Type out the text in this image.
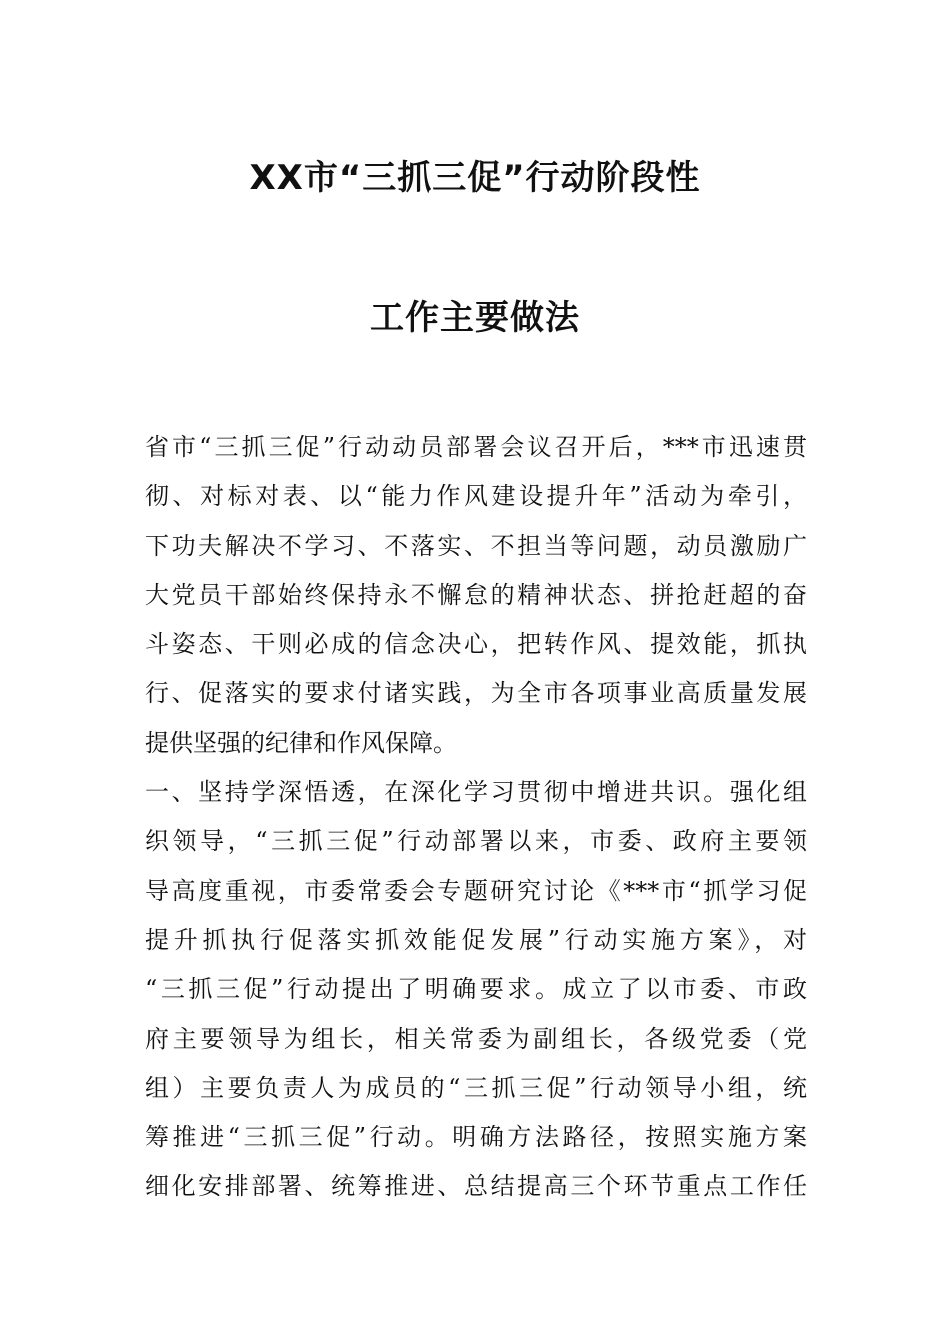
XX市“三抓三促”行动阶段性
工作主要做法
省市“三抓三促”行动动员部署会议召开后，***市迅速贯
彻、对标对表、以“能力作风建设提升年”活动为牵引，
下功夫解决不学习、不落实、不担当等问题，动员激励广
大党员干部始终保持永不懈怠的精神状态、拼抢赶超的奋
斗姿态、干则必成的信念决心，把转作风、提效能，抓执
行、促落实的要求付诸实践，为全市各项事业高质量发展
提供坚强的纪律和作风保障。
一、坚持学深悟透，在深化学习贯彻中增进共识。强化组
织领导，“三抓三促”行动部署以来，市委、政府主要领
导高度重视，市委常委会专题研究讨论《***市“抓学习促
提升抓执行促落实抓效能促发展”行动实施方案》，对
“三抓三促”行动提出了明确要求。成立了以市委、市政
府主要领导为组长，相关常委为副组长，各级党委（党
组）主要负责人为成员的“三抓三促”行动领导小组，统
筹推进“三抓三促”行动。明确方法路径，按照实施方案
细化安排部署、统筹推进、总结提高三个环节重点工作任
